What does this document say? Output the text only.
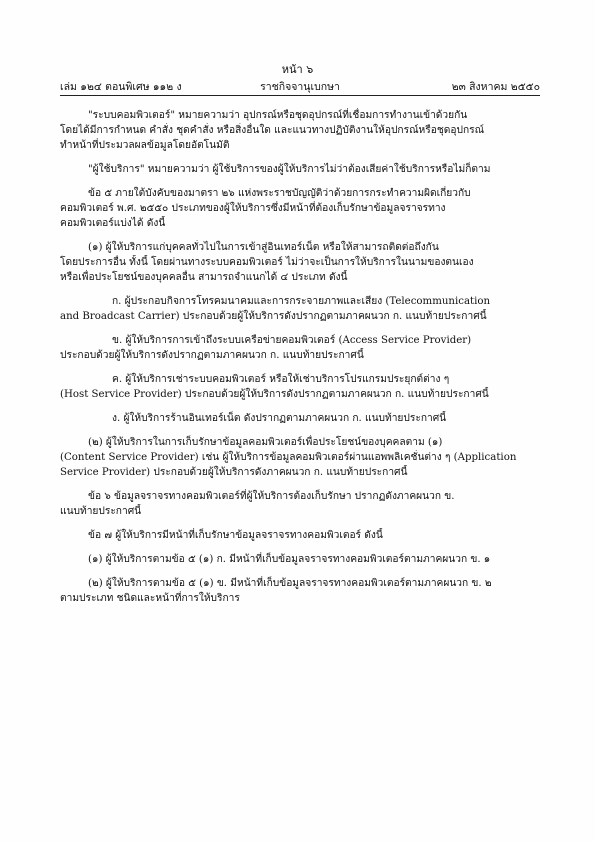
หน้า ๖
เล่ม ๑๒๔ ตอนพิเศษ ๑๑๒ ง	ราชกิจจานุเบกษา	๒๓ สิงหาคม ๒๕๕๐
"ระบบคอมพิวเตอร์" หมายความว่า อุปกรณ์หรือชุดอุปกรณ์ที่เชื่อมการทำงานเข้าด้วยกัน
โดยได้มีการกำหนด คำสั่ง ชุดคำสั่ง หรือสิ่งอื่นใด และแนวทางปฏิบัติงานให้อุปกรณ์หรือชุดอุปกรณ์
ทำหน้าที่ประมวลผลข้อมูลโดยอัตโนมัติ
"ผู้ใช้บริการ" หมายความว่า ผู้ใช้บริการของผู้ให้บริการไม่ว่าต้องเสียค่าใช้บริการหรือไม่ก็ตาม
ข้อ ๕ ภายใต้บังคับของมาตรา ๒๖ แห่งพระราชบัญญัติว่าด้วยการกระทำความผิดเกี่ยวกับ
คอมพิวเตอร์ พ.ศ. ๒๕๕๐ ประเภทของผู้ให้บริการซึ่งมีหน้าที่ต้องเก็บรักษาข้อมูลจราจรทาง
คอมพิวเตอร์แบ่งได้ ดังนี้
(๑) ผู้ให้บริการแก่บุคคลทั่วไปในการเข้าสู่อินเทอร์เน็ต หรือให้สามารถติดต่อถึงกัน
โดยประการอื่น ทั้งนี้ โดยผ่านทางระบบคอมพิวเตอร์ ไม่ว่าจะเป็นการให้บริการในนามของตนเอง
หรือเพื่อประโยชน์ของบุคคลอื่น สามารถจำแนกได้ ๔ ประเภท ดังนี้
ก. ผู้ประกอบกิจการโทรคมนาคมและการกระจายภาพและเสียง (Telecommunication
and Broadcast Carrier) ประกอบด้วยผู้ให้บริการดังปรากฏตามภาคผนวก ก. แนบท้ายประกาศนี้
ข. ผู้ให้บริการการเข้าถึงระบบเครือข่ายคอมพิวเตอร์ (Access Service Provider)
ประกอบด้วยผู้ให้บริการดังปรากฏตามภาคผนวก ก. แนบท้ายประกาศนี้
ค. ผู้ให้บริการเช่าระบบคอมพิวเตอร์ หรือให้เช่าบริการโปรแกรมประยุกต์ต่าง ๆ
(Host Service Provider) ประกอบด้วยผู้ให้บริการดังปรากฏตามภาคผนวก ก. แนบท้ายประกาศนี้
ง. ผู้ให้บริการร้านอินเทอร์เน็ต ดังปรากฏตามภาคผนวก ก. แนบท้ายประกาศนี้
(๒) ผู้ให้บริการในการเก็บรักษาข้อมูลคอมพิวเตอร์เพื่อประโยชน์ของบุคคลตาม (๑)
(Content Service Provider) เช่น ผู้ให้บริการข้อมูลคอมพิวเตอร์ผ่านแอพพลิเคชั่นต่าง ๆ (Application
Service Provider) ประกอบด้วยผู้ให้บริการดังภาคผนวก ก. แนบท้ายประกาศนี้
ข้อ ๖ ข้อมูลจราจรทางคอมพิวเตอร์ที่ผู้ให้บริการต้องเก็บรักษา ปรากฏดังภาคผนวก ข.
แนบท้ายประกาศนี้
ข้อ ๗ ผู้ให้บริการมีหน้าที่เก็บรักษาข้อมูลจราจรทางคอมพิวเตอร์ ดังนี้
(๑) ผู้ให้บริการตามข้อ ๕ (๑) ก. มีหน้าที่เก็บข้อมูลจราจรทางคอมพิวเตอร์ตามภาคผนวก ข. ๑
(๒) ผู้ให้บริการตามข้อ ๕ (๑) ข. มีหน้าที่เก็บข้อมูลจราจรทางคอมพิวเตอร์ตามภาคผนวก ข. ๒
ตามประเภท ชนิดและหน้าที่การให้บริการ
